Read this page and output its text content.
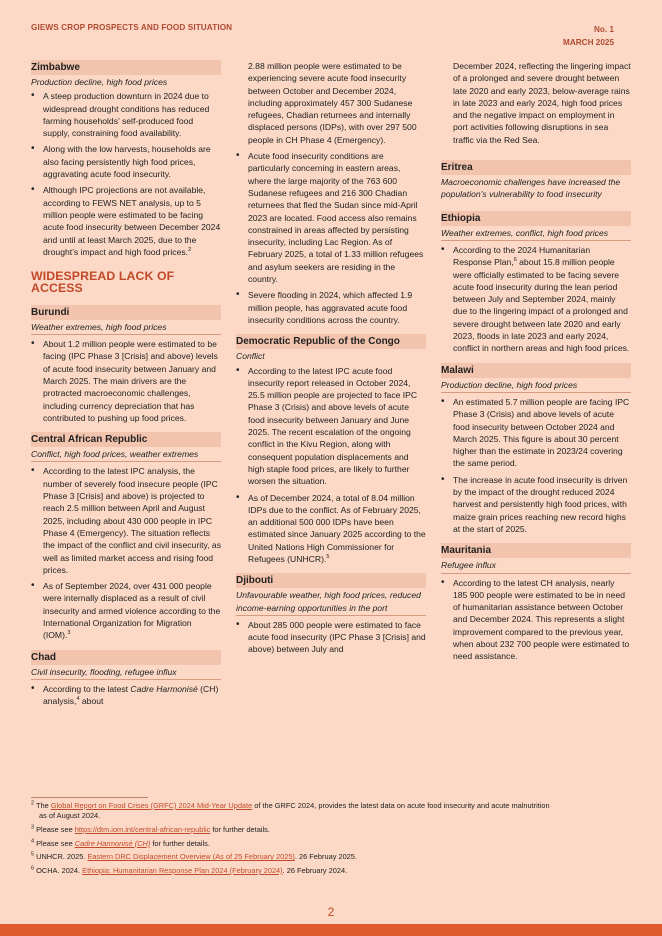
GIEWS CROP PROSPECTS AND FOOD SITUATION	No. 1
MARCH 2025
Zimbabwe
Production decline, high food prices
• A steep production downturn in 2024 due to widespread drought conditions has reduced farming households’ self-produced food supply, constraining food availability.
• Along with the low harvests, households are also facing persistently high food prices, aggravating acute food insecurity.
• Although IPC projections are not available, according to FEWS NET analysis, up to 5 million people were estimated to be facing acute food insecurity between December 2024 and until at least March 2025, due to the drought’s impact and high food prices.$^2$
WIDESPREAD LACK OF ACCESS
Burundi
Weather extremes, high food prices
• About 1.2 million people were estimated to be facing (IPC Phase 3 [Crisis] and above) levels of acute food insecurity between January and March 2025. The main drivers are the protracted macroeconomic challenges, including currency depreciation that has contributed to pushing up food prices.
Central African Republic
Conflict, high food prices, weather extremes
• According to the latest IPC analysis, the number of severely food insecure people (IPC Phase 3 [Crisis] and above) is projected to reach 2.5 million between April and August 2025, including about 430 000 people in IPC Phase 4 (Emergency). The situation reflects the impact of the conflict and civil insecurity, as well as limited market access and rising food prices.
• As of September 2024, over 431 000 people were internally displaced as a result of civil insecurity and armed violence according to the International Organization for Migration (IOM).$^3$
Chad
Civil insecurity, flooding, refugee influx
• According to the latest Cadre Harmonisé (CH) analysis,$^4$ about
2.88 million people were estimated to be experiencing severe acute food insecurity between October and December 2024, including approximately 457 300 Sudanese refugees, Chadian returnees and internally displaced persons (IDPs), with over 297 500 people in CH Phase 4 (Emergency).
• Acute food insecurity conditions are particularly concerning in eastern areas, where the large majority of the 763 600 Sudanese refugees and 216 300 Chadian returnees that fled the Sudan since mid-April 2023 are located. Food access also remains constrained in areas affected by persisting insecurity, including Lac Region. As of February 2025, a total of 1.33 million refugees and asylum seekers are residing in the country.
• Severe flooding in 2024, which affected 1.9 million people, has aggravated acute food insecurity conditions across the country.
Democratic Republic of the Congo
Conflict
• According to the latest IPC acute food insecurity report released in October 2024, 25.5 million people are projected to face IPC Phase 3 (Crisis) and above levels of acute food insecurity between January and June 2025. The recent escalation of the ongoing conflict in the Kivu Region, along with consequent population displacements and high staple food prices, are likely to further worsen the situation.
• As of December 2024, a total of 8.04 million IDPs due to the conflict. As of February 2025, an additional 500 000 IDPs have been estimated since January 2025 according to the United Nations High Commissioner for Refugees (UNHCR).$^5$
Djibouti
Unfavourable weather, high food prices, reduced income-earning opportunities in the port
• About 285 000 people were estimated to face acute food insecurity (IPC Phase 3 [Crisis] and above) between July and
December 2024, reflecting the lingering impact of a prolonged and severe drought between late 2020 and early 2023, below-average rains in late 2023 and early 2024, high food prices and the negative impact on employment in port activities following disruptions in sea traffic via the Red Sea.
Eritrea
Macroeconomic challenges have increased the population’s vulnerability to food insecurity
Ethiopia
Weather extremes, conflict, high food prices
• According to the 2024 Humanitarian Response Plan,$^6$ about 15.8 million people were officially estimated to be facing severe acute food insecurity during the lean period between July and September 2024, mainly due to the lingering impact of a prolonged and severe drought between late 2020 and early 2023, floods in late 2023 and early 2024, conflict in northern areas and high food prices.
Malawi
Production decline, high food prices
• An estimated 5.7 million people are facing IPC Phase 3 (Crisis) and above levels of acute food insecurity between October 2024 and March 2025. This figure is about 30 percent higher than the estimate in 2023/24 covering the same period.
• The increase in acute food insecurity is driven by the impact of the drought reduced 2024 harvest and persistently high food prices, with maize grain prices reaching new record highs at the start of 2025.
Mauritania
Refugee influx
• According to the latest CH analysis, nearly 185 900 people were estimated to be in need of humanitarian assistance between October and December 2024. This represents a slight improvement compared to the previous year, when about 232 700 people were estimated to need assistance.
$^2$ The Global Report on Food Crises (GRFC) 2024 Mid-Year Update of the GRFC 2024, provides the latest data on acute food insecurity and acute malnutrition
as of August 2024.
$^3$ Please see https://dtm.iom.int/central-african-republic for further details.
$^4$ Please see Cadre Harmonisé (CH) for further details.
$^5$ UNHCR. 2025. Eastern DRC Displacement Overview (As of 25 February 2025). 26 Februay 2025.
$^6$ OCHA. 2024. Ethiopia: Humanitarian Response Plan 2024 (February 2024). 26 February 2024.
2
